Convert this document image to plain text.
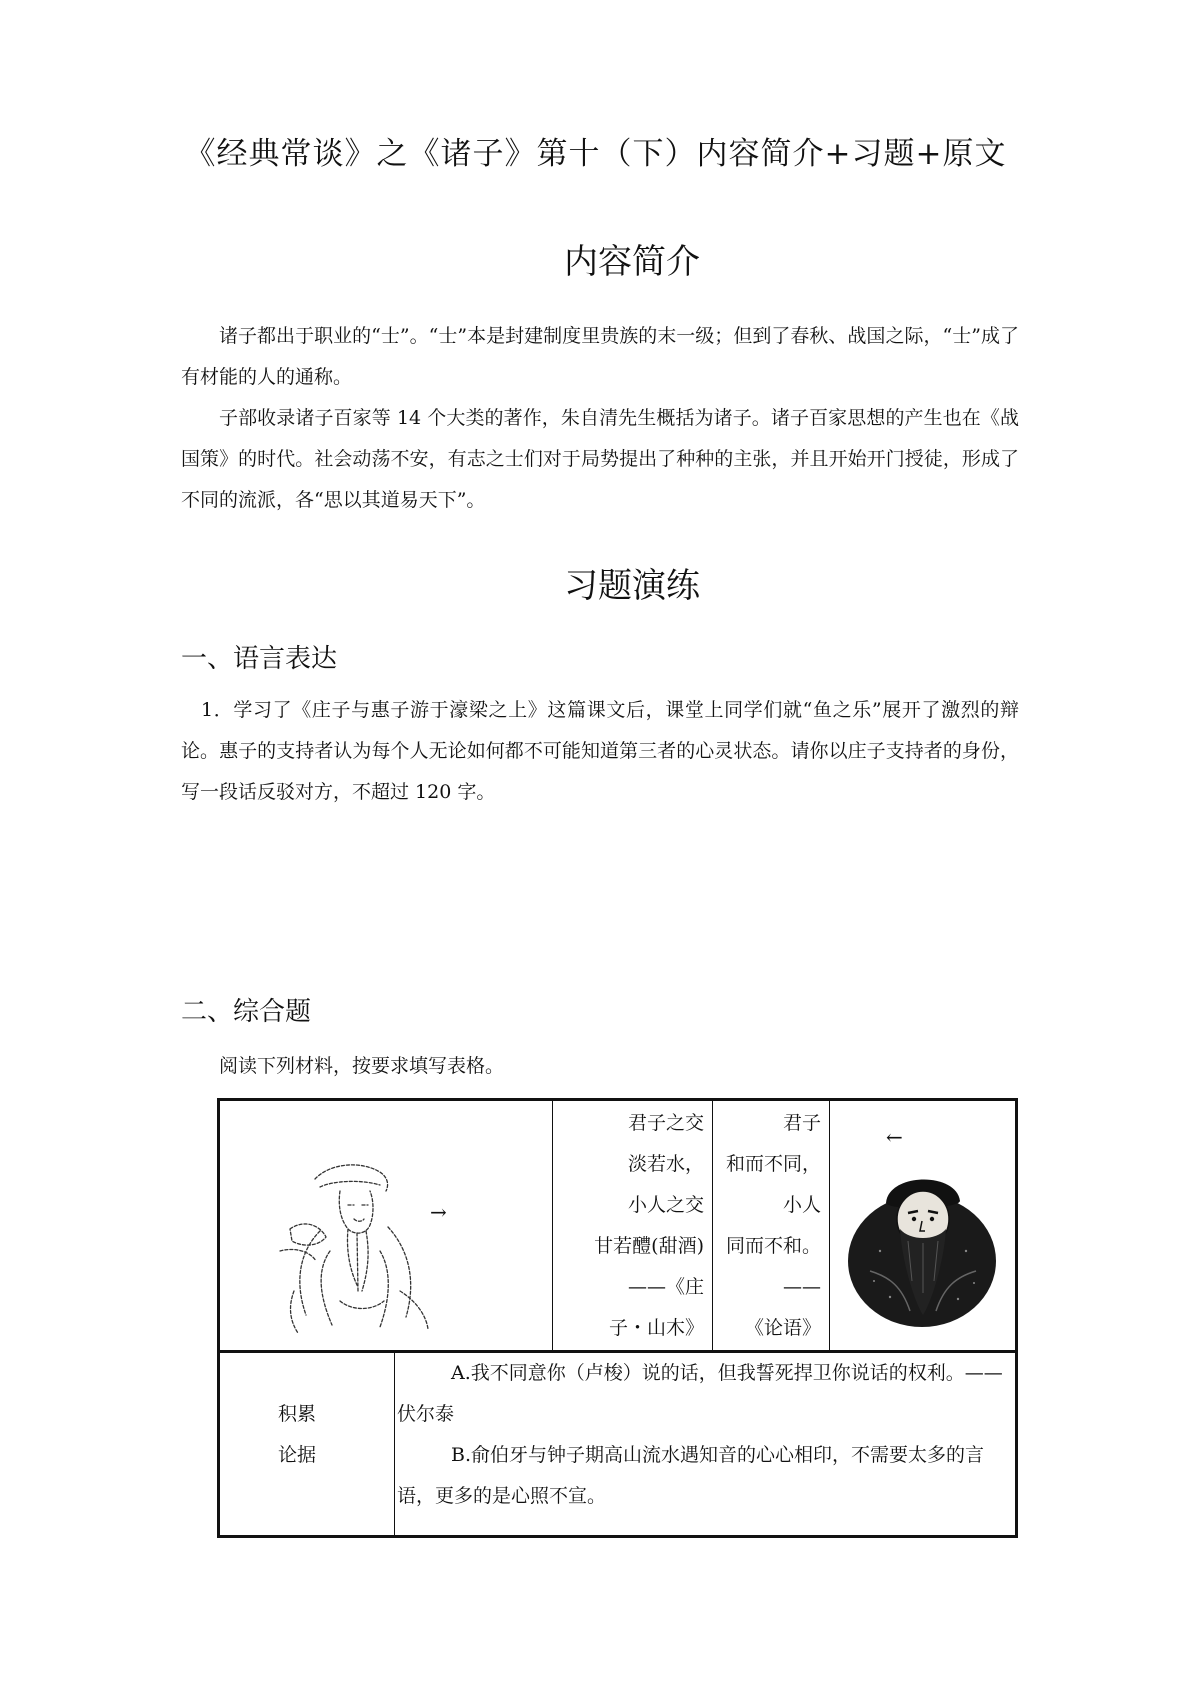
《经典常谈》之《诸子》第十（下）内容简介+习题+原文
内容简介

诸子都出于职业的“士”。“士”本是封建制度里贵族的末一级；但到了春秋、战国之际，“士”成了有材能的人的通称。

子部收录诸子百家等 14 个大类的著作，朱自清先生概括为诸子。诸子百家思想的产生也在《战国策》的时代。社会动荡不安，有志之士们对于局势提出了种种的主张，并且开始开门授徒，形成了不同的流派，各“思以其道易天下”。

习题演练
一、语言表达

1．学习了《庄子与惠子游于濠梁之上》这篇课文后，课堂上同学们就“鱼之乐”展开了激烈的辩论。惠子的支持者认为每个人无论如何都不可能知道第三者的心灵状态。请你以庄子支持者的身份，写一段话反驳对方，不超过 120 字。

二、综合题

阅读下列材料，按要求填写表格。

→
君子之交
淡若水，
小人之交
甘若醴(甜酒)
——《庄
子・山木》
君子
和而不同，
小人
同而不和。
——
《论语》
←
积累
论据

A.我不同意你（卢梭）说的话，但我誓死捍卫你说话的权利。——伏尔泰

B.俞伯牙与钟子期高山流水遇知音的心心相印，不需要太多的言语，更多的是心照不宣。
